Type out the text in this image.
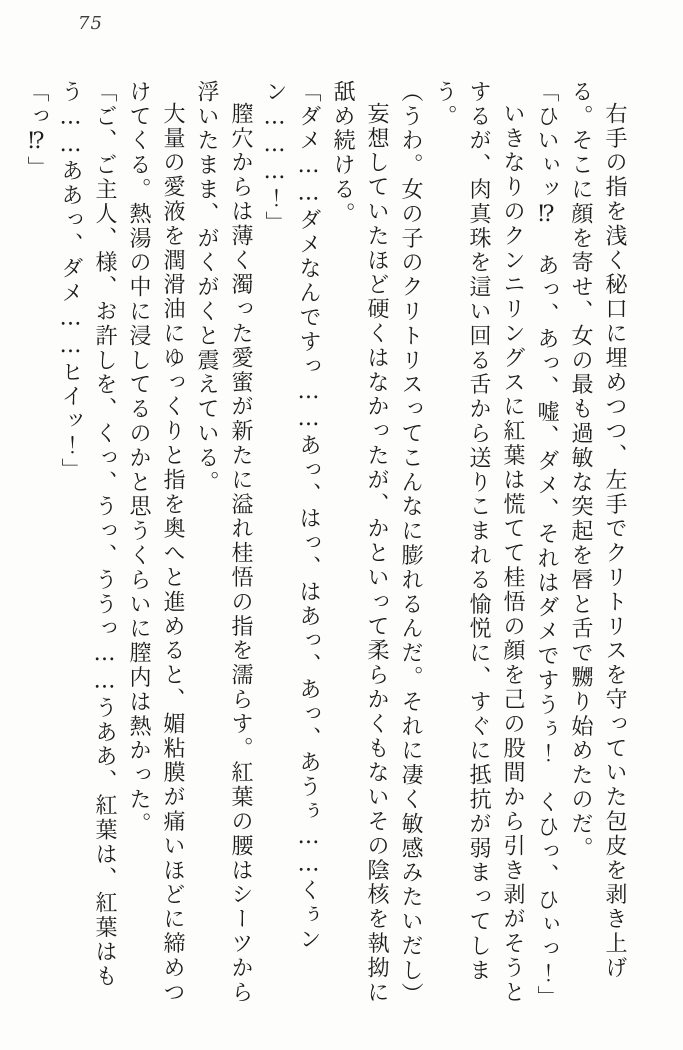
75

右手の指を浅く秘口に埋めつつ、左手でクリトリスを守っていた包皮を剥き上げる。そこに顔を寄せ、女の最も過敏な突起を唇と舌で嬲り始めたのだ。

「ひいぃッ⁉　あっ、あっ、嘘、ダメ、それはダメですうぅ！　くひっ、ひぃっ！」

いきなりのクンニリングスに紅葉は慌てて桂悟の顔を己の股間から引き剥がそうとするが、肉真珠を這い回る舌から送りこまれる愉悦に、すぐに抵抗が弱まってしまう。

（うわ。女の子のクリトリスってこんなに膨れるんだ。それに凄く敏感みたいだし）

妄想していたほど硬くはなかったが、かといって柔らかくもないその陰核を執拗に舐め続ける。

「ダメ……ダメなんですっ……あっ、はっ、はあっ、あっ、あうぅ……くぅンン………！」

膣穴からは薄く濁った愛蜜が新たに溢れ桂悟の指を濡らす。紅葉の腰はシーツから浮いたまま、がくがくと震えている。

大量の愛液を潤滑油にゆっくりと指を奥へと進めると、媚粘膜が痛いほどに締めつけてくる。熱湯の中に浸してるのかと思うくらいに膣内は熱かった。

「ご、ご主人、様、お許しを、くっ、うっ、ううっ……うああ、紅葉は、紅葉はもう……ああっ、ダメ……ヒイッ！」

「っ⁉」
